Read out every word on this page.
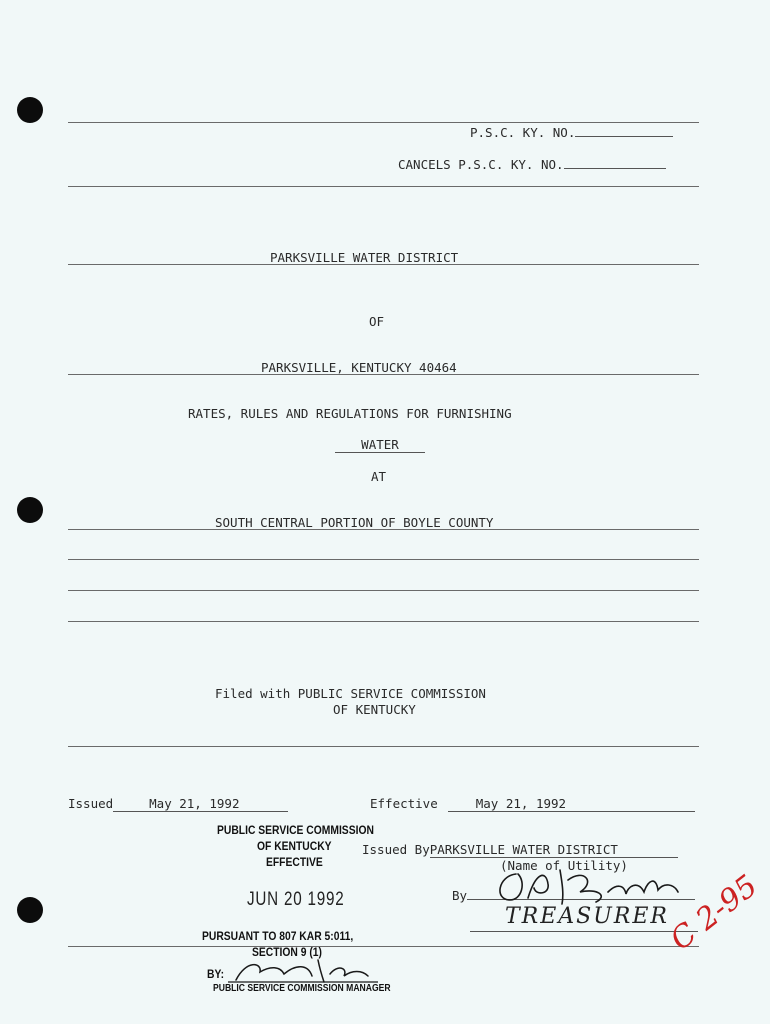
P.S.C. KY. NO.
CANCELS P.S.C. KY. NO.
PARKSVILLE WATER DISTRICT
OF
PARKSVILLE, KENTUCKY 40464
RATES, RULES AND REGULATIONS FOR FURNISHING
WATER
AT
SOUTH CENTRAL PORTION OF BOYLE COUNTY
Filed with PUBLIC SERVICE COMMISSION
OF KENTUCKY
Issued	May 21, 1992	Effective	May 21, 1992
Issued ByPARKSVILLE WATER DISTRICT
(Name of Utility)
By
TREASURER
PUBLIC SERVICE COMMISSION
OF KENTUCKY
EFFECTIVE
JUN 20 1992
PURSUANT TO 807 KAR 5:011,
SECTION 9 (1)
BY:
PUBLIC SERVICE COMMISSION MANAGER
C 2-95
